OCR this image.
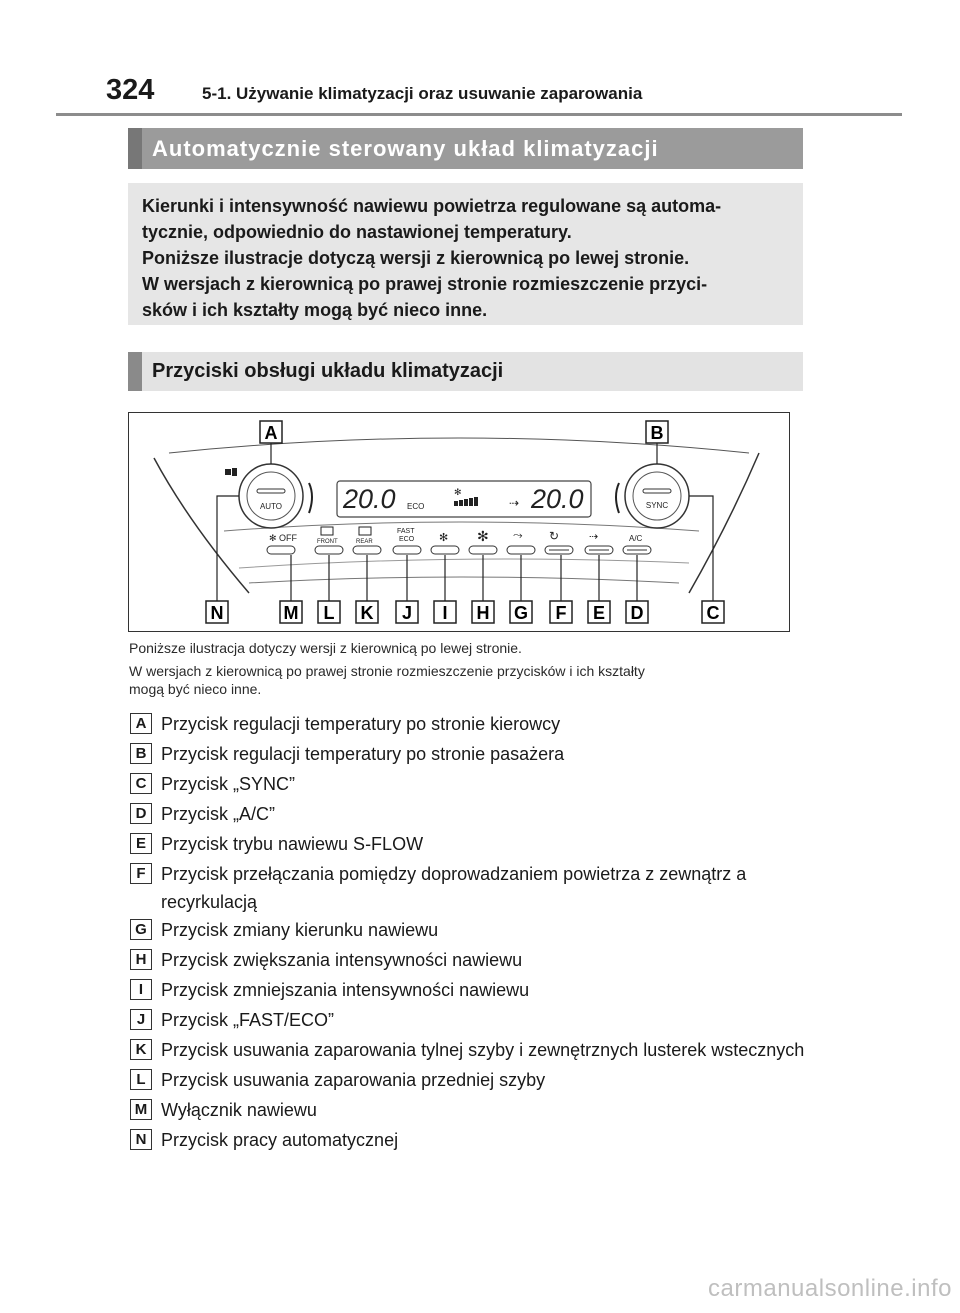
324	5-1. Używanie klimatyzacji oraz usuwanie zaparowania
Automatycznie sterowany układ klimatyzacji

Kierunki i intensywność nawiewu powietrza regulowane są automa-

tycznie, odpowiednio do nastawionej temperatury.

Poniższe ilustracje dotyczą wersji z kierownicą po lewej stronie.

W wersjach z kierownicą po prawej stronie rozmieszczenie przyci-

sków i ich kształty mogą być nieco inne.

Przyciski obsługi układu klimatyzacji
AUTO	SYNC
20.0 ECO
✻
⇢ 20.0
✻ OFF	FRONT	REAR
FAST
ECO ✻ ✻ ⤳ ↻	⇢	A/C
A	B
N	M L K J I H G F E D	C
Poniższe ilustracja dotyczy wersji z kierownicą po lewej stronie.
W wersjach z kierownicą po prawej stronie rozmieszczenie przycisków i ich kształty
mogą być nieco inne.
A Przycisk regulacji temperatury po stronie kierowcy
B Przycisk regulacji temperatury po stronie pasażera
C Przycisk „SYNC”
D Przycisk „A/C”
E Przycisk trybu nawiewu S-FLOW
F Przycisk przełączania pomiędzy doprowadzaniem powietrza z zewnątrz a recyrkulacją
G Przycisk zmiany kierunku nawiewu
H Przycisk zwiększania intensywności nawiewu
I Przycisk zmniejszania intensywności nawiewu
J Przycisk „FAST/ECO”
K Przycisk usuwania zaparowania tylnej szyby i zewnętrznych lusterek wstecznych
L Przycisk usuwania zaparowania przedniej szyby
M Wyłącznik nawiewu
N Przycisk pracy automatycznej
carmanualsonline.info
